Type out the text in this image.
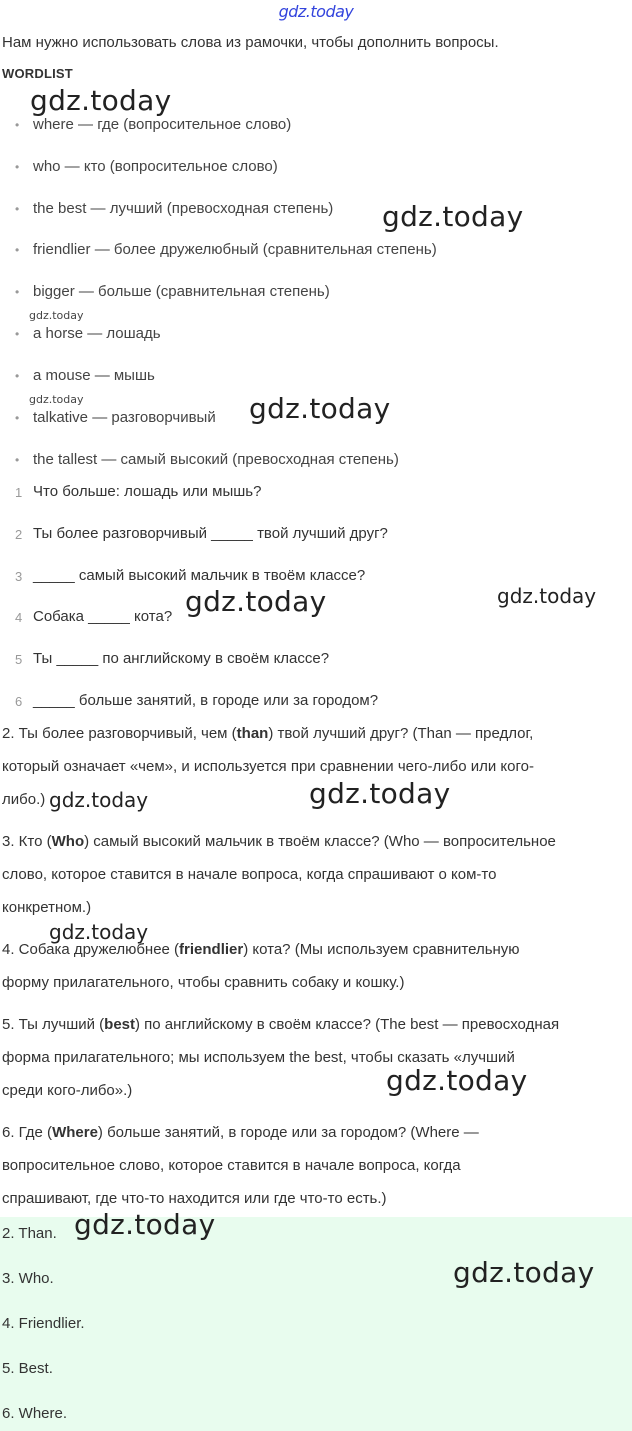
gdz.today
Нам нужно использовать слова из рамочки, чтобы дополнить вопросы.
WORDLIST
• where — где (вопросительное слово)
• who — кто (вопросительное слово)
• the best — лучший (превосходная степень)
• friendlier — более дружелюбный (сравнительная степень)
• bigger — больше (сравнительная степень)
• a horse — лошадь
• a mouse — мышь
• talkative — разговорчивый
• the tallest — самый высокий (превосходная степень)
1 Что больше: лошадь или мышь?
2 Ты более разговорчивый _____ твой лучший друг?
3 _____ самый высокий мальчик в твоём классе?
4 Собака _____ кота?
5 Ты _____ по английскому в своём классе?
6 _____ больше занятий, в городе или за городом?
2. Ты более разговорчивый, чем (than) твой лучший друг? (Than — предлог,
который означает «чем», и используется при сравнении чего-либо или кого-
либо.)
3. Кто (Who) самый высокий мальчик в твоём классе? (Who — вопросительное
слово, которое ставится в начале вопроса, когда спрашивают о ком-то
конкретном.)
4. Собака дружелюбнее (friendlier) кота? (Мы используем сравнительную
форму прилагательного, чтобы сравнить собаку и кошку.)
5. Ты лучший (best) по английскому в своём классе? (The best — превосходная
форма прилагательного; мы используем the best, чтобы сказать «лучший
среди кого-либо».)
6. Где (Where) больше занятий, в городе или за городом? (Where —
вопросительное слово, которое ставится в начале вопроса, когда
спрашивают, где что-то находится или где что-то есть.)
2. Than.
3. Who.
4. Friendlier.
5. Best.
6. Where.
gdz.today
gdz.today
gdz.today
gdz.today	gdz.today
gdz.today	gdz.today
gdz.today	gdz.today
gdz.today
gdz.today
gdz.today
gdz.today
